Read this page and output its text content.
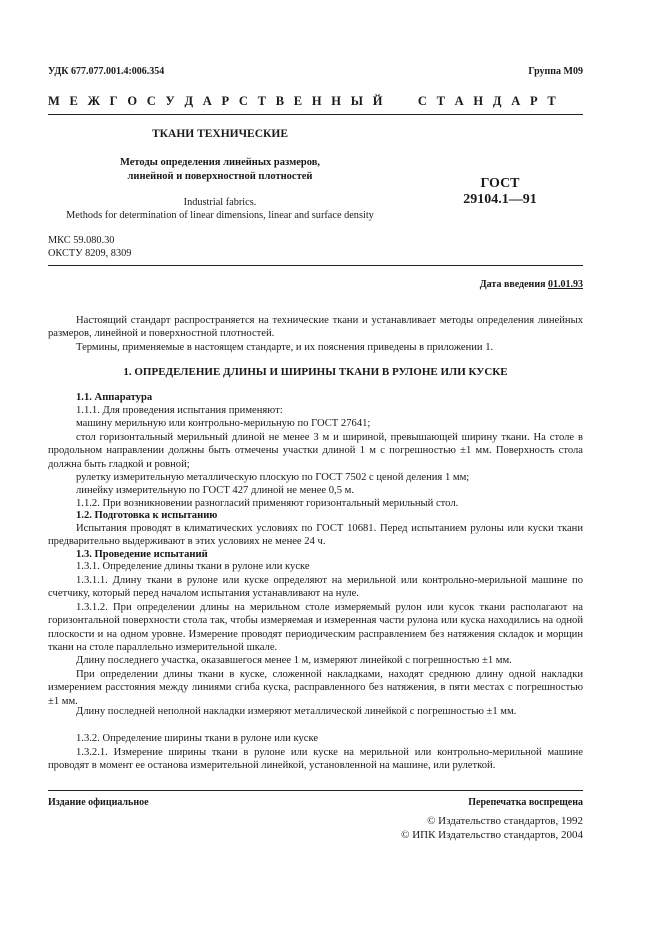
УДК 677.077.001.4:006.354	Группа М09
М Е Ж Г О С У Д А Р С Т В Е Н Н Ы Й     С Т А Н Д А Р Т
ТКАНИ ТЕХНИЧЕСКИЕ
Методы определения линейных размеров,
линейной и поверхностной плотностей
Industrial fabrics.
Methods for determination of linear dimensions, linear and surface density
ГОСТ
29104.1—91
МКС 59.080.30
ОКСТУ 8209, 8309
Дата введения 01.01.93

Настоящий стандарт распространяется на технические ткани и устанавливает методы определения линейных размеров, линейной и поверхностной плотностей.

Термины, применяемые в настоящем стандарте, и их пояснения приведены в приложении 1.

1. ОПРЕДЕЛЕНИЕ ДЛИНЫ И ШИРИНЫ ТКАНИ В РУЛОНЕ ИЛИ КУСКЕ

1.1. Аппаратура

1.1.1. Для проведения испытания применяют:

машину мерильную или контрольно-мерильную по ГОСТ 27641;

стол горизонтальный мерильный длиной не менее 3 м и шириной, превышающей ширину ткани. На столе в продольном направлении должны быть отмечены участки длиной 1 м с погрешностью ±1 мм. Поверхность стола должна быть гладкой и ровной;

рулетку измерительную металлическую плоскую по ГОСТ 7502 с ценой деления 1 мм;

линейку измерительную по ГОСТ 427 длиной не менее 0,5 м.

1.1.2. При возникновении разногласий применяют горизонтальный мерильный стол.

1.2. Подготовка к испытанию

Испытания проводят в климатических условиях по ГОСТ 10681. Перед испытанием рулоны или куски ткани предварительно выдерживают в этих условиях не менее 24 ч.

1.3. Проведение испытаний

1.3.1. Определение длины ткани в рулоне или куске

1.3.1.1. Длину ткани в рулоне или куске определяют на мерильной или контрольно-мерильной машине по счетчику, который перед началом испытания устанавливают на нуле.

1.3.1.2. При определении длины на мерильном столе измеряемый рулон или кусок ткани располагают на горизонтальной поверхности стола так, чтобы измеряемая и измеренная части рулона или куска находились на одной плоскости и на одном уровне. Измерение проводят периодическим расправлением без натяжения складок и морщин ткани на столе параллельно измерительной шкале.

Длину последнего участка, оказавшегося менее 1 м, измеряют линейкой с погрешностью ±1 мм.

При определении длины ткани в куске, сложенной накладками, находят среднюю длину одной накладки измерением расстояния между линиями сгиба куска, расправленного без натяжения, в пяти местах с погрешностью ±1 мм.

Длину последней неполной накладки измеряют металлической линейкой с погрешностью ±1 мм.

1.3.2. Определение ширины ткани в рулоне или куске

1.3.2.1. Измерение ширины ткани в рулоне или куске на мерильной или контрольно-мерильной машине проводят в момент ее останова измерительной линейкой, установленной на машине, или рулеткой.

Издание официальное	Перепечатка воспрещена
© Издательство стандартов, 1992
© ИПК Издательство стандартов, 2004
